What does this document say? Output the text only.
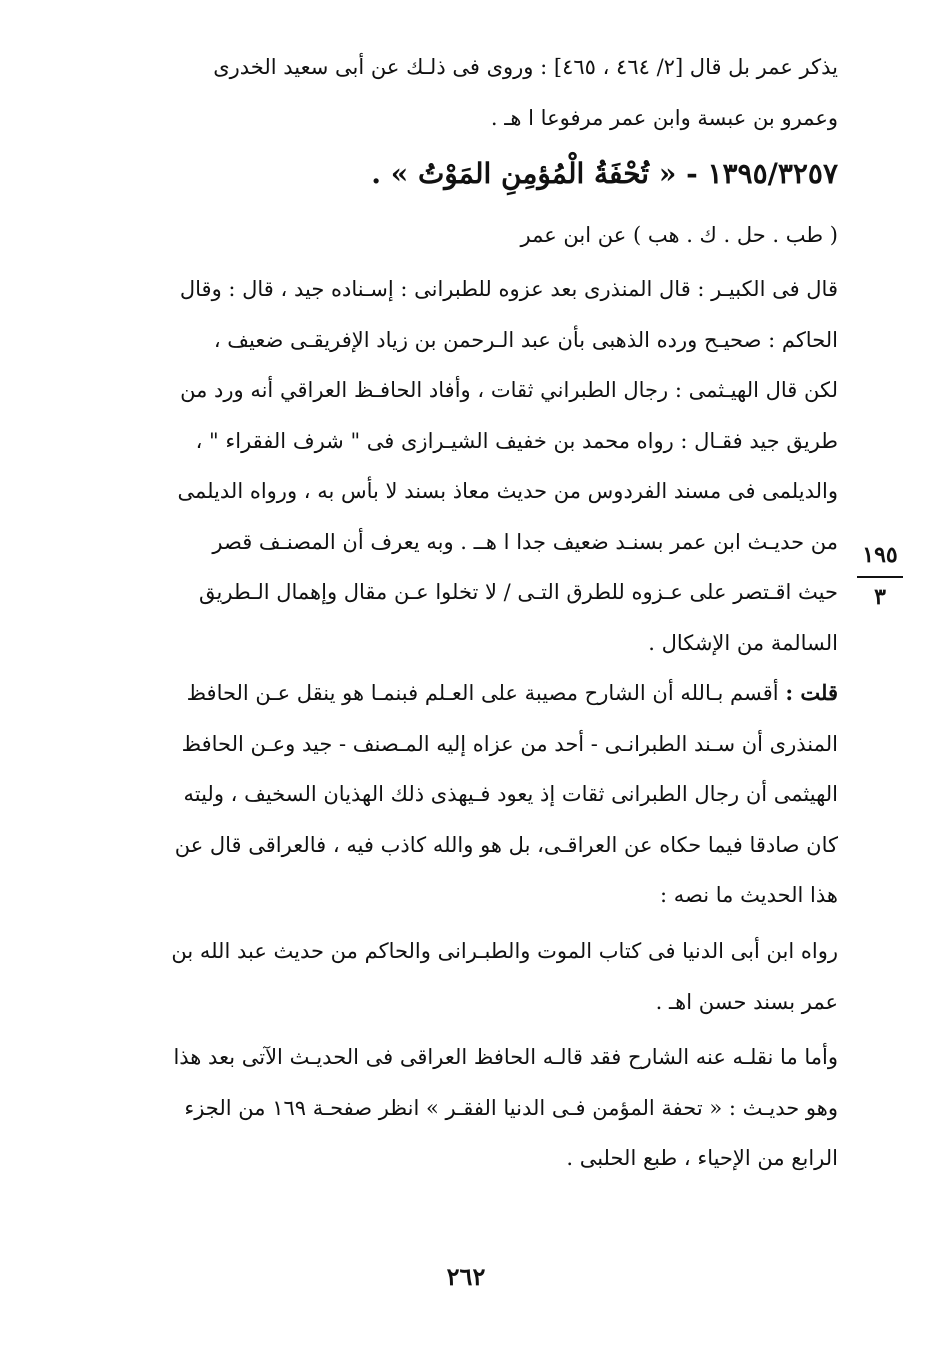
يذكر عمر بل قال [٢/ ٤٦٤ ، ٤٦٥] : وروى فى ذلـك عن أبى سعيد الخدرى
وعمرو بن عبسة وابن عمر مرفوعا ا هـ .
١٣٩٥/٣٢٥٧ - « تُحْفَةُ الْمُؤمِنِ المَوْتُ » .
( طب . حل . ك . هب ) عن ابن عمر
قال فى الكبيـر : قال المنذرى بعد عزوه للطبرانى : إسـناده جيد ، قال : وقال
الحاكم : صحيـح ورده الذهبى بأن عبد الـرحمن بن زياد الإفريقـى ضعيف ،
لكن قال الهيـثمى : رجال الطبراني ثقات ، وأفاد الحافـظ العراقي أنه ورد من
طريق جيد فقـال : رواه محمد بن خفيف الشيـرازى فى " شرف الفقراء " ،
والديلمى فى مسند الفردوس من حديث معاذ بسند لا بأس به ، ورواه الديلمى
من حديـث ابن عمر بسنـد ضعيف جدا ا هــ . وبه يعرف أن المصنـف قصر
حيث اقـتصر على عـزوه للطرق التـى / لا تخلوا عـن مقال وإهمال الـطريق
السالمة من الإشكال .
١٩٥
٣
قلت : أقسم بـالله أن الشارح مصيبة على العـلم فبنمـا هو ينقل عـن الحافظ
المنذرى أن سـند الطبرانـى - أحد من عزاه إليه المـصنف - جيد وعـن الحافظ
الهيثمى أن رجال الطبرانى ثقات إذ يعود فـيهذى ذلك الهذيان السخيف ، وليته
كان صادقا فيما حكاه عن العراقـى، بل هو والله كاذب فيه ، فالعراقى قال عن
هذا الحديث ما نصه :
رواه ابن أبى الدنيا فى كتاب الموت والطبـرانى والحاكم من حديث عبد الله بن
عمر بسند حسن اهـ .
وأما ما نقلـه عنه الشارح فقد قالـه الحافظ العراقى فى الحديـث الآتى بعد هذا
وهو حديـث : « تحفة المؤمن فـى الدنيا الفقـر » انظر صفحـة ١٦٩ من الجزء
الرابع من الإحياء ، طبع الحلبى .
٢٦٢
